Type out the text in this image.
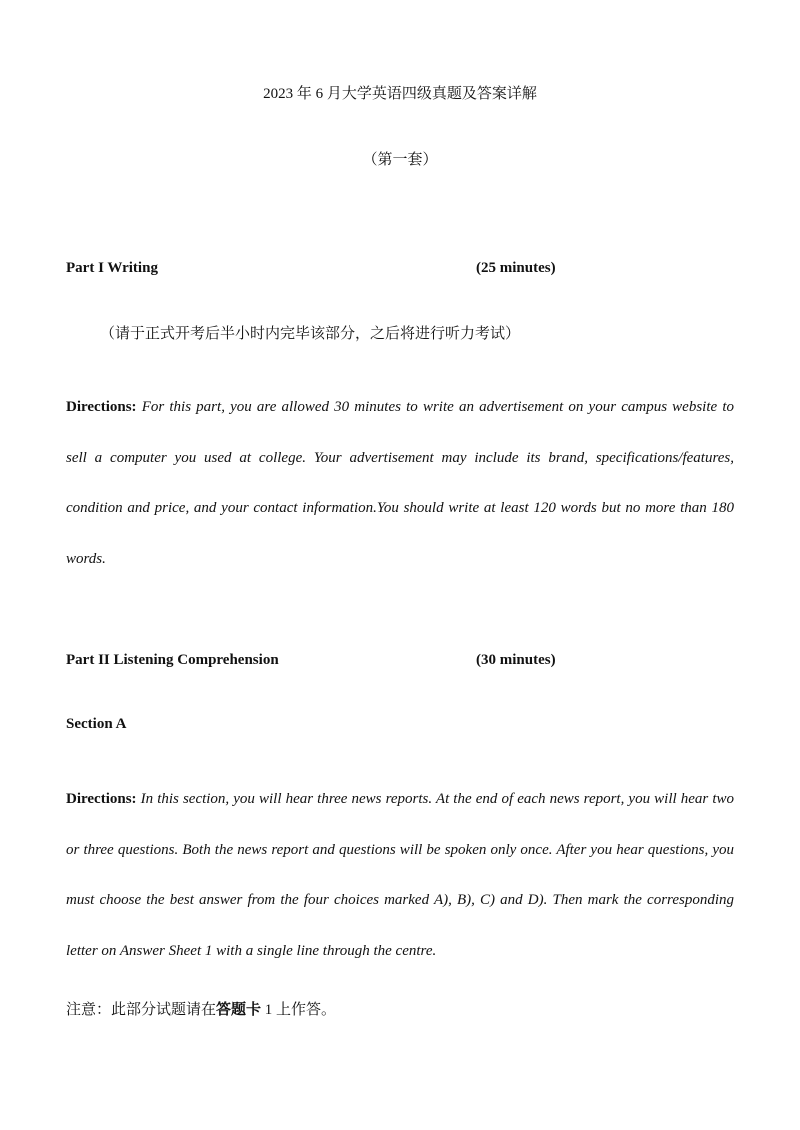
2023 年 6 月大学英语四级真题及答案详解
（第一套）
Part I Writing	(25 minutes)
（请于正式开考后半小时内完毕该部分，之后将进行听力考试）
Directions: For this part, you are allowed 30 minutes to write an advertisement on your campus website to sell a computer you used at college. Your advertisement may include its brand, specifications/features, condition and price, and your contact information.You should write at least 120 words but no more than 180 words.
Part II Listening Comprehension	(30 minutes)
Section A
Directions: In this section, you will hear three news reports. At the end of each news report, you will hear two or three questions. Both the news report and questions will be spoken only once. After you hear questions, you must choose the best answer from the four choices marked A), B), C) and D). Then mark the corresponding letter on Answer Sheet 1 with a single line through the centre.
注意：此部分试题请在答题卡 1 上作答。
